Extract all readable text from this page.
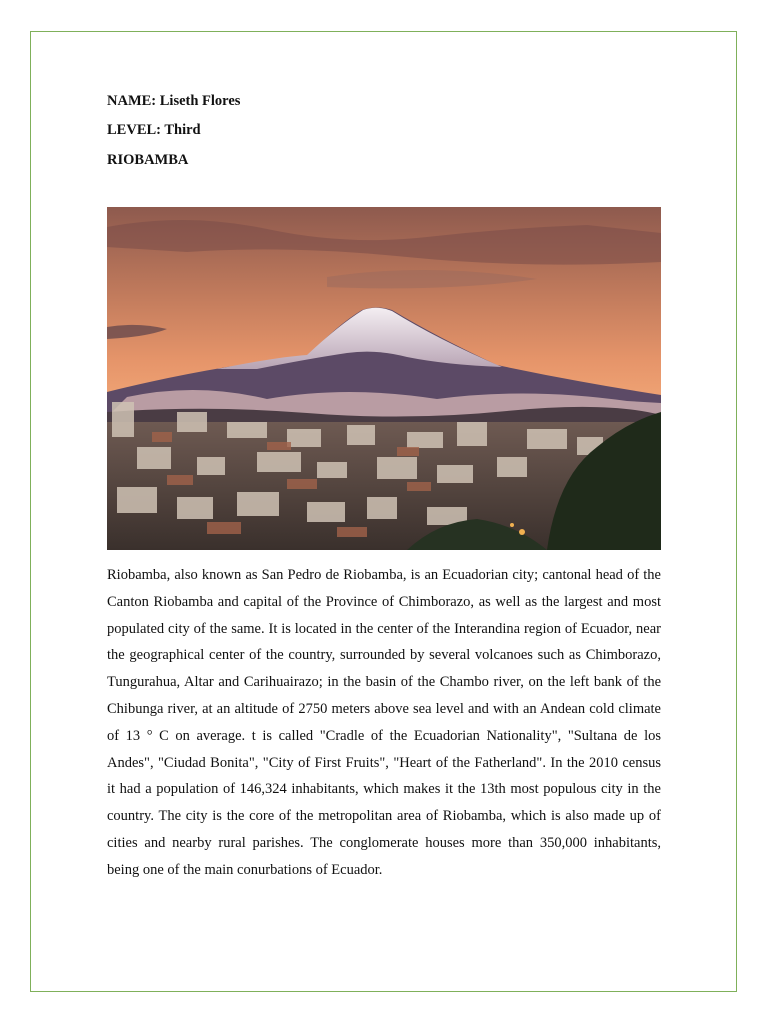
NAME: Liseth Flores
LEVEL: Third
RIOBAMBA

Riobamba, also known as San Pedro de Riobamba, is an Ecuadorian city; cantonal head of the Canton Riobamba and capital of the Province of Chimborazo, as well as the largest and most populated city of the same. It is located in the center of the Interandina region of Ecuador, near the geographical center of the country, surrounded by several volcanoes such as Chimborazo, Tungurahua, Altar and Carihuairazo; in the basin of the Chambo river, on the left bank of the Chibunga river, at an altitude of 2750 meters above sea level and with an Andean cold climate of 13 ° C on average. t is called "Cradle of the Ecuadorian Nationality", "Sultana de los Andes", "Ciudad Bonita", "City of First Fruits", "Heart of the Fatherland". In the 2010 census it had a population of 146,324 inhabitants, which makes it the 13th most populous city in the country. The city is the core of the metropolitan area of Riobamba, which is also made up of cities and nearby rural parishes. The conglomerate houses more than 350,000 inhabitants, being one of the main conurbations of Ecuador.
